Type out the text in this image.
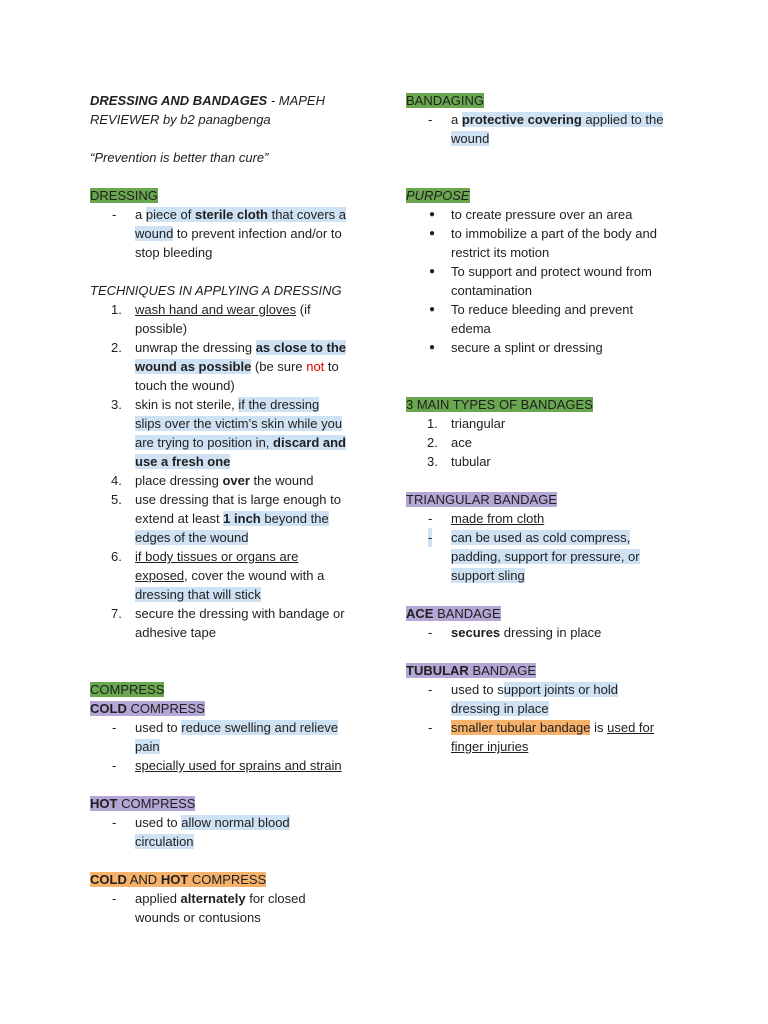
DRESSING AND BANDAGES - MAPEH
REVIEWER by b2 panagbenga
“Prevention is better than cure”
DRESSING
- a piece of sterile cloth that covers a
wound to prevent infection and/or to
stop bleeding
TECHNIQUES IN APPLYING A DRESSING
1. wash hand and wear gloves (if
possible)
2. unwrap the dressing as close to the
wound as possible (be sure not to
touch the wound)
3. skin is not sterile, if the dressing
slips over the victim’s skin while you
are trying to position in, discard and
use a fresh one
4. place dressing over the wound
5. use dressing that is large enough to
extend at least 1 inch beyond the
edges of the wound
6. if body tissues or organs are
exposed, cover the wound with a
dressing that will stick
7. secure the dressing with bandage or
adhesive tape
COMPRESS
COLD COMPRESS
- used to reduce swelling and relieve
pain
- specially used for sprains and strain
HOT COMPRESS
- used to allow normal blood
circulation
COLD AND HOT COMPRESS
- applied alternately for closed
wounds or contusions
BANDAGING
- a protective covering applied to the
wound
PURPOSE
● to create pressure over an area
● to immobilize a part of the body and
restrict its motion
● To support and protect wound from
contamination
● To reduce bleeding and prevent
edema
● secure a splint or dressing
3 MAIN TYPES OF BANDAGES
1. triangular
2. ace
3. tubular
TRIANGULAR BANDAGE
- made from cloth
- can be used as cold compress,
padding, support for pressure, or
support sling
ACE BANDAGE
- secures dressing in place
TUBULAR BANDAGE
- used to support joints or hold
dressing in place
- smaller tubular bandage is used for
finger injuries
